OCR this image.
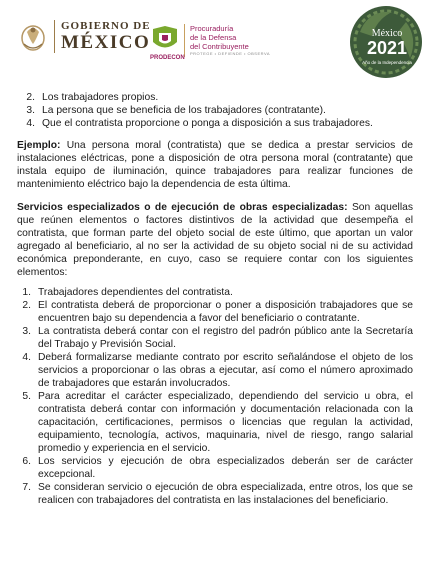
GOBIERNO DE
MÉXICO
PRODECON
Procuraduría
de la Defensa
del Contribuyente
PROTEGE • DEFIENDE • OBSERVA
México
2021
Año de la Independencia
2. Los trabajadores propios.
3. La persona que se beneficia de los trabajadores (contratante).
4. Que el contratista proporcione o ponga a disposición a sus trabajadores.

Ejemplo: Una persona moral (contratista) que se dedica a prestar servicios de instalaciones eléctricas, pone a disposición de otra persona moral (contratante) que instala equipo de iluminación, quince trabajadores para realizar funciones de mantenimiento eléctrico bajo la dependencia de esta última.

Servicios especializados o de ejecución de obras especializadas: Son aquellas que reúnen elementos o factores distintivos de la actividad que desempeña el contratista, que forman parte del objeto social de este último, que aportan un valor agregado al beneficiario, al no ser la actividad de su objeto social ni de su actividad económica preponderante, en cuyo, caso se requiere contar con los siguientes elementos:

1. Trabajadores dependientes del contratista.
2. El contratista deberá de proporcionar o poner a disposición trabajadores que se encuentren bajo su dependencia a favor del beneficiario o contratante.
3. La contratista deberá contar con el registro del padrón público ante la Secretaría del Trabajo y Previsión Social.
4. Deberá formalizarse mediante contrato por escrito señalándose el objeto de los servicios a proporcionar o las obras a ejecutar, así como el número aproximado de trabajadores que estarán involucrados.
5. Para acreditar el carácter especializado, dependiendo del servicio u obra, el contratista deberá contar con información y documentación relacionada con la capacitación, certificaciones, permisos o licencias que regulan la actividad, equipamiento, tecnología, activos, maquinaria, nivel de riesgo, rango salarial promedio y experiencia en el servicio.
6. Los servicios y ejecución de obra especializados deberán ser de carácter excepcional.
7. Se consideran servicio o ejecución de obra especializada, entre otros, los que se realicen con trabajadores del contratista en las instalaciones del beneficiario.
